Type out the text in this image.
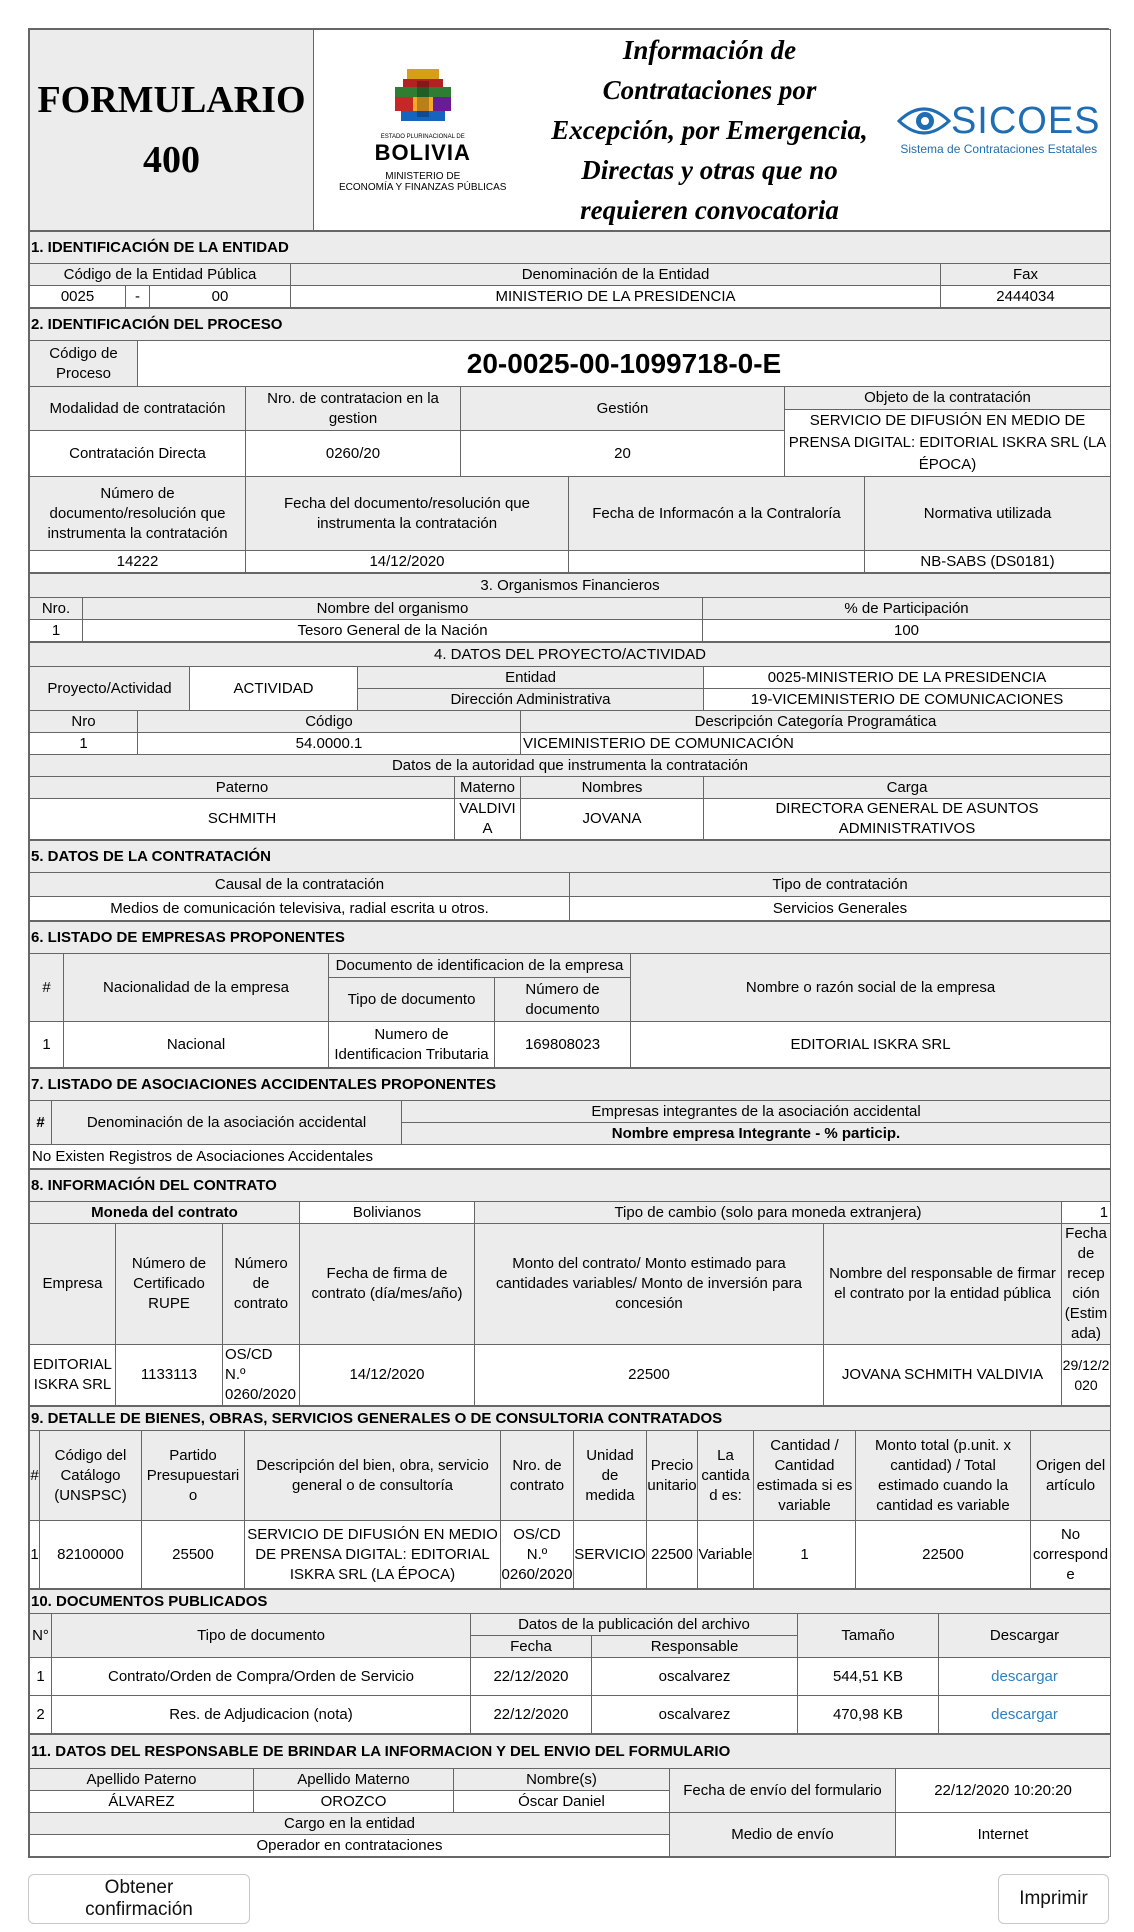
FORMULARIO
400

ESTADO PLURINACIONAL DE
BOLIVIA
MINISTERIO DE
ECONOMÍA Y FINANZAS PÚBLICAS

Información de
Contrataciones por
Excepción, por Emergencia,
Directas y otras que no
requieren convocatoria

SICOES
Sistema de Contrataciones Estatales
1. IDENTIFICACIÓN DE LA ENTIDAD				
Código de la Entidad Pública			Denominación de la Entidad	Fax
0025	-	00	MINISTERIO DE LA PRESIDENCIA	2444034
2. IDENTIFICACIÓN DEL PROCESO						
Código de Proceso	20-0025-00-1099718-0-E					
Modalidad de contratación		Nro. de contratacion en la gestion	Gestión		Objeto de la contratación
SERVICIO DE DIFUSIÓN EN MEDIO DE PRENSA DIGITAL: EDITORIAL ISKRA SRL (LA ÉPOCA)	

Contratación Directa		0260/20	20			
Número de documento/resolución que instrumenta la contratación		Fecha del documento/resolución que instrumenta la contratación		Fecha de Informacón a la Contraloría		Normativa utilizada
14222		14/12/2020				NB-SABS (DS0181)
3. Organismos Financieros		
Nro.	Nombre del organismo	% de Participación
1	Tesoro General de la Nación	100
4. DATOS DEL PROYECTO/ACTIVIDAD						
Proyecto/Actividad		ACTIVIDAD	Entidad			0025-MINISTERIO DE LA PRESIDENCIA
			Dirección Administrativa			19-VICEMINISTERIO DE COMUNICACIONES
Nro	Código				Descripción Categoría Programática	
1	54.0000.1				VICEMINISTERIO DE COMUNICACIÓN	
Datos de la autoridad que instrumenta la contratación						
Paterno				Materno	Nombres	Carga
SCHMITH				VALDIVIA	JOVANA	DIRECTORA GENERAL DE ASUNTOS ADMINISTRATIVOS
5. DATOS DE LA CONTRATACIÓN	
Causal de la contratación	Tipo de contratación
Medios de comunicación televisiva, radial escrita u otros.	Servicios Generales
6. LISTADO DE EMPRESAS PROPONENTES				
#	Nacionalidad de la empresa	Documento de identificacion de la empresa		Nombre o razón social de la empresa
		Tipo de documento	Número de documento	
1	Nacional	Numero de Identificacion Tributaria	169808023	EDITORIAL ISKRA SRL
7. LISTADO DE ASOCIACIONES ACCIDENTALES PROPONENTES
#	Denominación de la asociación accidental	Empresas integrantes de la asociación accidental
Nombre empresa Integrante - % particip.
No Existen Registros de Asociaciones Accidentales
8. INFORMACIÓN DEL CONTRATO						
Moneda del contrato			Bolivianos	Tipo de cambio (solo para moneda extranjera)		1
Empresa	Número de Certificado RUPE	Número de contrato	Fecha de firma de contrato (día/mes/año)	Monto del contrato/ Monto estimado para cantidades variables/ Monto de inversión para concesión	Nombre del responsable de firmar el contrato por la entidad pública	Fecha de recepción (Estimada)
EDITORIAL ISKRA SRL	1133113	OS/CD N.º 0260/2020	14/12/2020	22500	JOVANA SCHMITH VALDIVIA	29/12/2020
9. DETALLE DE BIENES, OBRAS, SERVICIOS GENERALES O DE CONSULTORIA CONTRATADOS										
#	Código del Catálogo (UNSPSC)	Partido Presupuestario	Descripción del bien, obra, servicio general o de consultoría	Nro. de contrato	Unidad de medida	Precio unitario	La cantidad es:	Cantidad / Cantidad estimada si es variable	Monto total (p.unit. x cantidad) / Total estimado cuando la cantidad es variable	Origen del artículo
1	82100000	25500	SERVICIO DE DIFUSIÓN EN MEDIO DE PRENSA DIGITAL: EDITORIAL ISKRA SRL (LA ÉPOCA)	OS/CD N.º 0260/2020	SERVICIO	22500	Variable	1	22500	No corresponde
10. DOCUMENTOS PUBLICADOS					
N°	Tipo de documento	Datos de la publicación del archivo		Tamaño	Descargar
		Fecha	Responsable		
1	Contrato/Orden de Compra/Orden de Servicio	22/12/2020	oscalvarez	544,51 KB	descargar
2	Res. de Adjudicacion (nota)	22/12/2020	oscalvarez	470,98 KB	descargar
11. DATOS DEL RESPONSABLE DE BRINDAR LA INFORMACION Y DEL ENVIO DEL FORMULARIO				
Apellido Paterno	Apellido Materno	Nombre(s)	Fecha de envío del formulario	22/12/2020 10:20:20
ÁLVAREZ	OROZCO	Óscar Daniel		
Cargo en la entidad			Medio de envío	Internet
Operador en contrataciones				
Obtener confirmación
Imprimir
